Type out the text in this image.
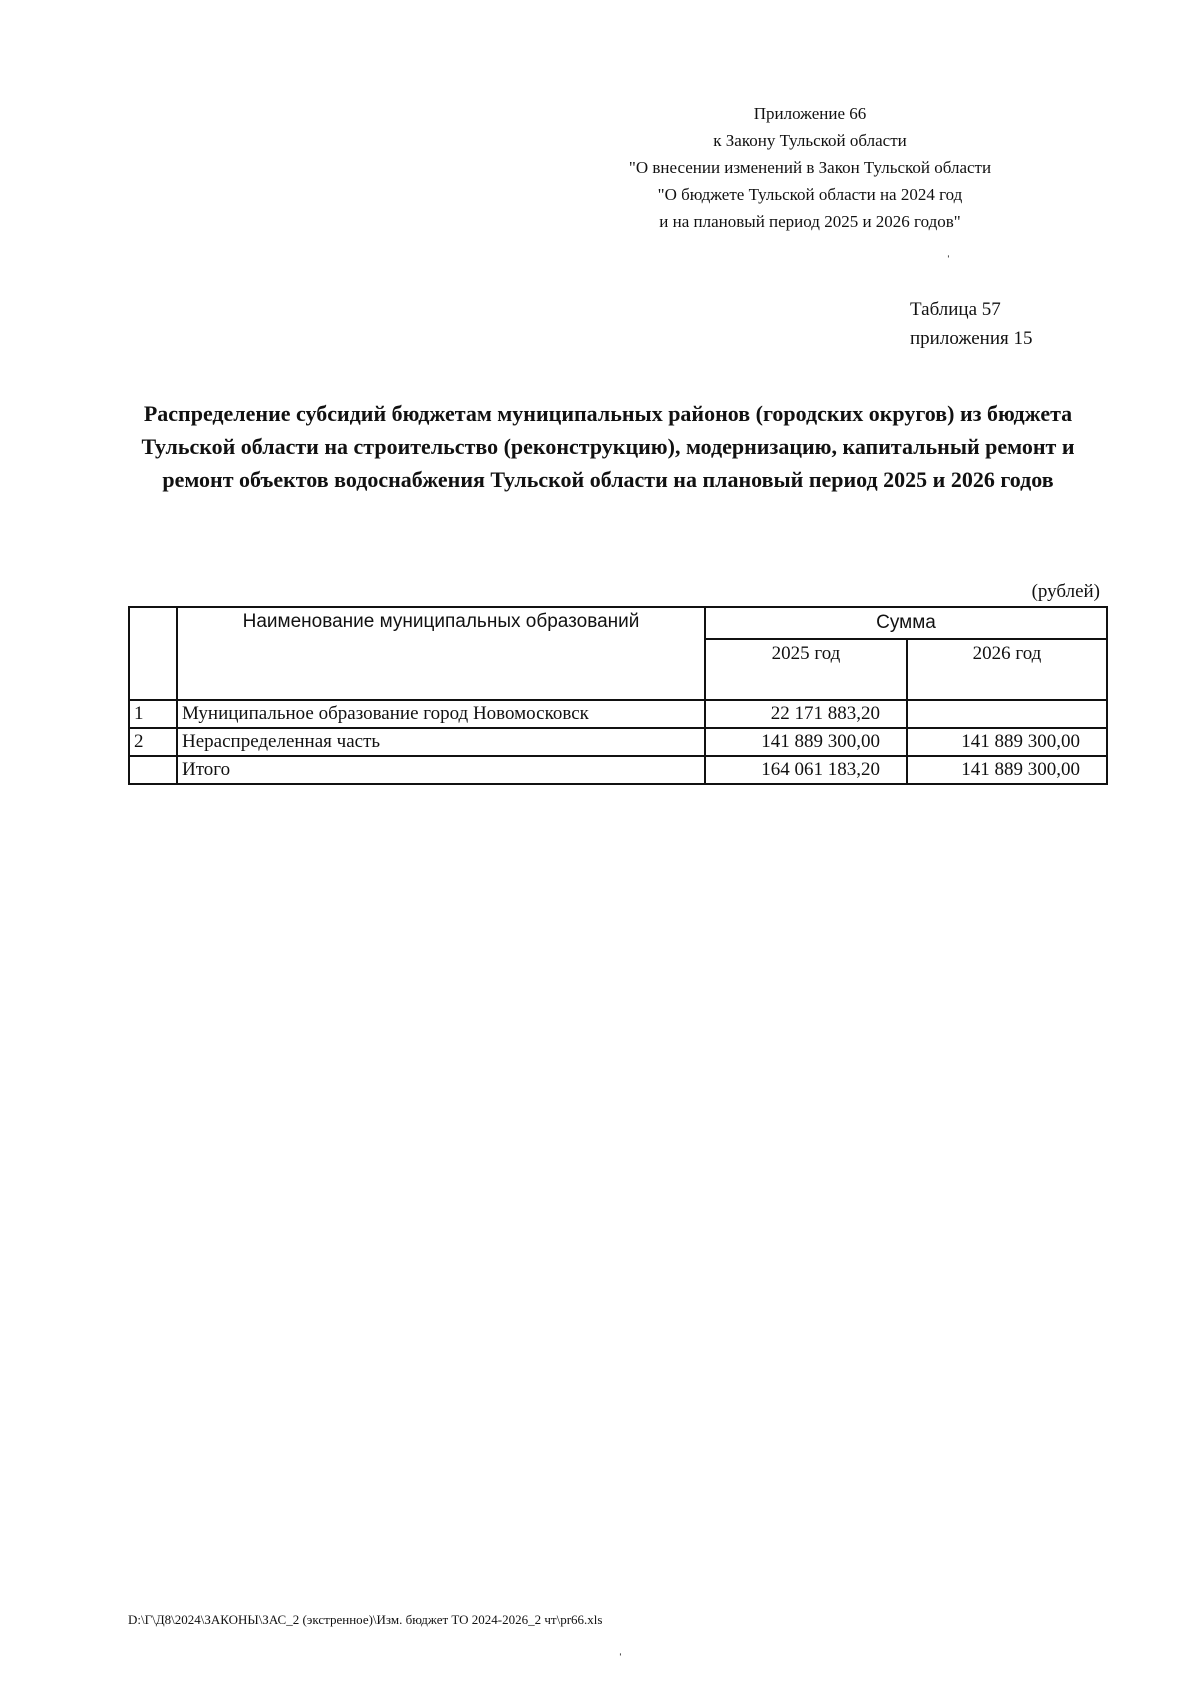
Приложение 66
к Закону Тульской области
"О внесении изменений в Закон Тульской области
"О бюджете Тульской области на 2024 год
и на плановый период 2025 и 2026 годов"
ˈ
Таблица 57
приложения 15
Распределение субсидий бюджетам муниципальных районов (городских округов) из бюджета Тульской области на строительство (реконструкцию), модернизацию, капитальный ремонт и ремонт объектов водоснабжения Тульской области на плановый период 2025 и 2026 годов
(рублей)
	Наименование муниципальных образований	Сумма	
		2025 год	2026 год
1	Муниципальное образование город Новомосковск	22 171 883,20	
2	Нераспределенная часть	141 889 300,00	141 889 300,00
	Итого	164 061 183,20	141 889 300,00
D:\Г\Д8\2024\ЗАКОНЫ\ЗАС_2 (экстренное)\Изм. бюджет ТО 2024-2026_2 чт\pr66.xls
ˈ
